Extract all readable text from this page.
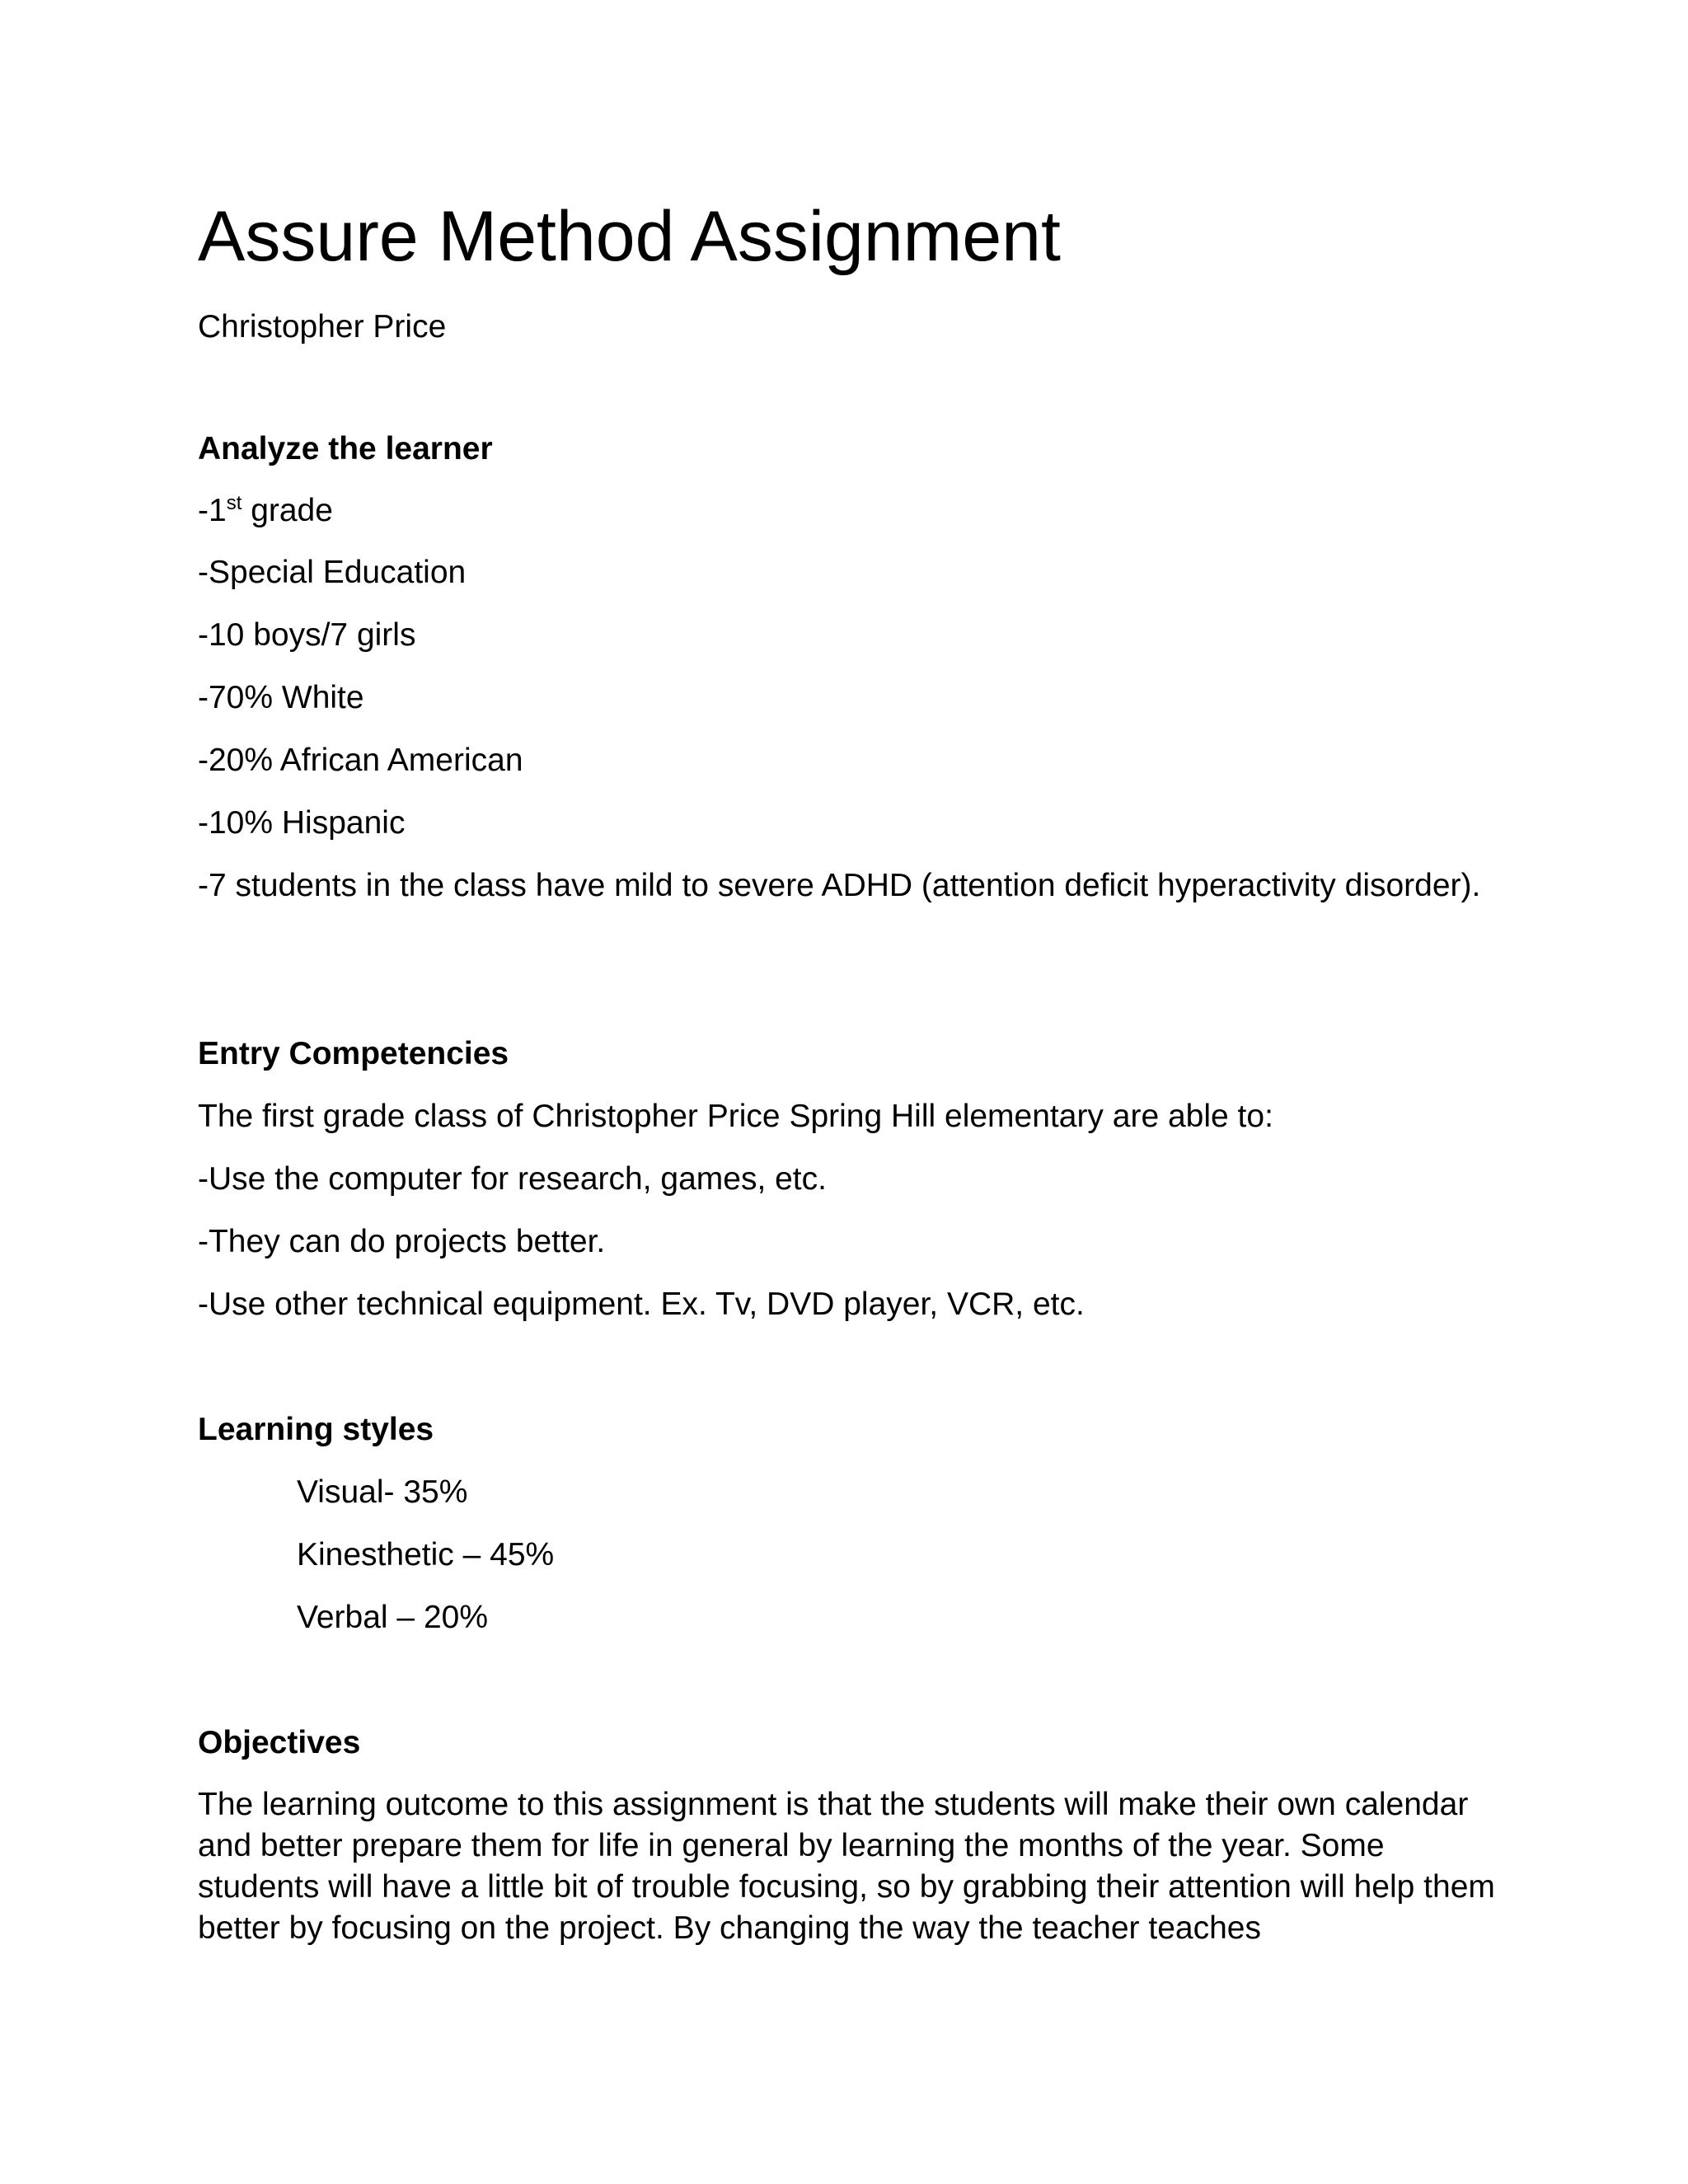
Assure Method Assignment
Christopher Price
Analyze the learner
-1st grade
-Special Education
-10 boys/7 girls
-70% White
-20% African American
-10% Hispanic

-7 students in the class have mild to severe ADHD (attention deficit hyperactivity disorder).

Entry Competencies
The first grade class of Christopher Price Spring Hill elementary are able to:
-Use the computer for research, games, etc.
-They can do projects better.
-Use other technical equipment. Ex. Tv, DVD player, VCR, etc.
Learning styles
Visual- 35%
Kinesthetic – 45%
Verbal – 20%
Objectives

The learning outcome to this assignment is that the students will make their own calendar and better prepare them for life in general by learning the months of the year. Some students will have a little bit of trouble focusing, so by grabbing their attention will help them better by focusing on the project. By changing the way the teacher teaches
